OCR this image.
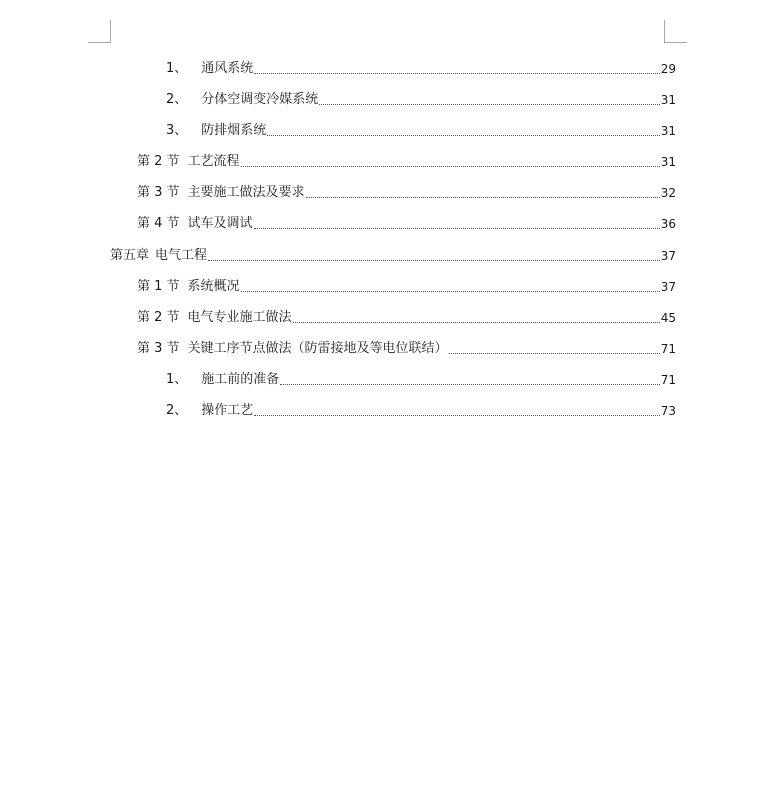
1、 通风系统	29
2、 分体空调变冷媒系统	31
3、 防排烟系统	31
第 2 节 工艺流程	31
第 3 节 主要施工做法及要求	32
第 4 节 试车及调试	36
第五章 电气工程	37
第 1 节 系统概况	37
第 2 节 电气专业施工做法	45
第 3 节 关键工序节点做法（防雷接地及等电位联结）	71
1、 施工前的准备	71
2、 操作工艺	73
